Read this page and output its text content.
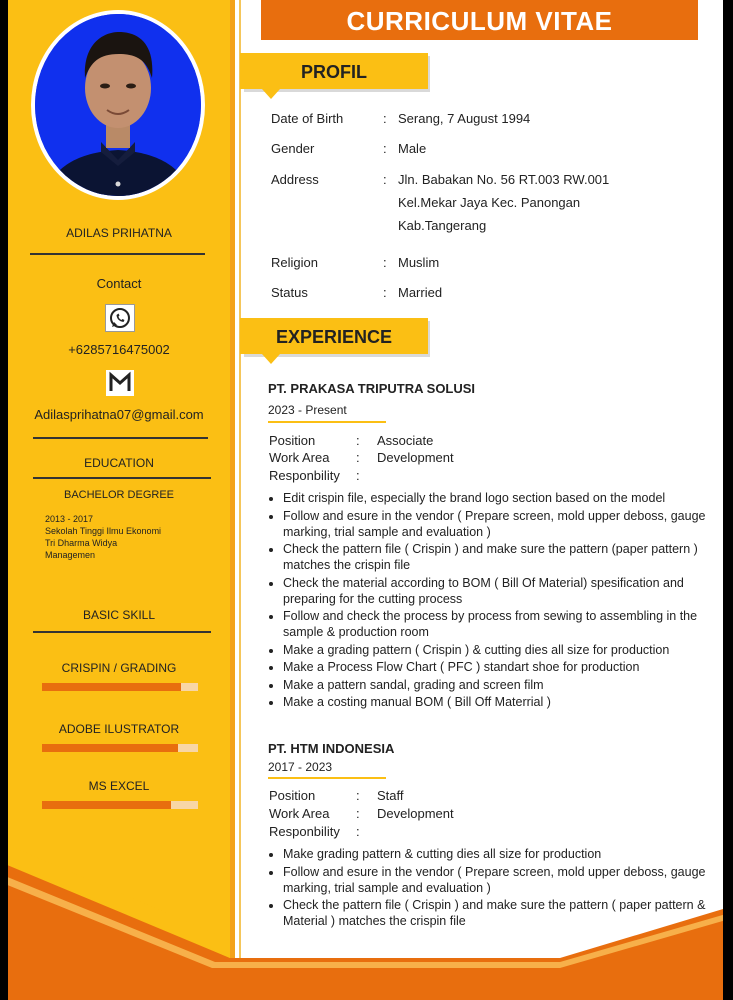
ADILAS PRIHATNA
Contact
+6285716475002
Adilasprihatna07@gmail.com
EDUCATION
BACHELOR DEGREE
2013 - 2017
Sekolah Tinggi Ilmu Ekonomi
Tri Dharma Widya
Managemen
BASIC SKILL
CRISPIN / GRADING
ADOBE ILUSTRATOR
MS EXCEL
CURRICULUM VITAE
PROFIL
Date of Birth	: Serang, 7 August 1994
Gender	: Male
Address	: Jln. Babakan No. 56 RT.003 RW.001
Kel.Mekar Jaya Kec. Panongan
Kab.Tangerang
Religion	: Muslim
Status	: Married
EXPERIENCE
PT. PRAKASA TRIPUTRA SOLUSI
2023 - Present
Position	: Associate
Work Area : Development
Responbility :
• Edit crispin file, especially the brand logo section based on the model
• Follow and esure in the vendor ( Prepare screen, mold upper deboss, gauge marking, trial sample and evaluation )
• Check the pattern file ( Crispin ) and make sure the pattern (paper pattern ) matches the crispin file
• Check the material according to BOM ( Bill Of Material) spesification and preparing for the cutting process
• Follow and check the process by process from sewing to assembling in the sample & production room
• Make a grading pattern ( Crispin ) & cutting dies all size for production
• Make a Process Flow Chart ( PFC ) standart shoe for production
• Make a pattern sandal, grading and screen film
• Make a costing manual BOM ( Bill Off Materrial )
PT. HTM INDONESIA
2017 - 2023
Position	: Staff
Work Area : Development
Responbility :
• Make grading pattern & cutting dies all size for production
• Follow and esure in the vendor ( Prepare screen, mold upper deboss, gauge marking, trial sample and evaluation )
• Check the pattern file ( Crispin ) and make sure the pattern ( paper pattern & Material ) matches the crispin file
